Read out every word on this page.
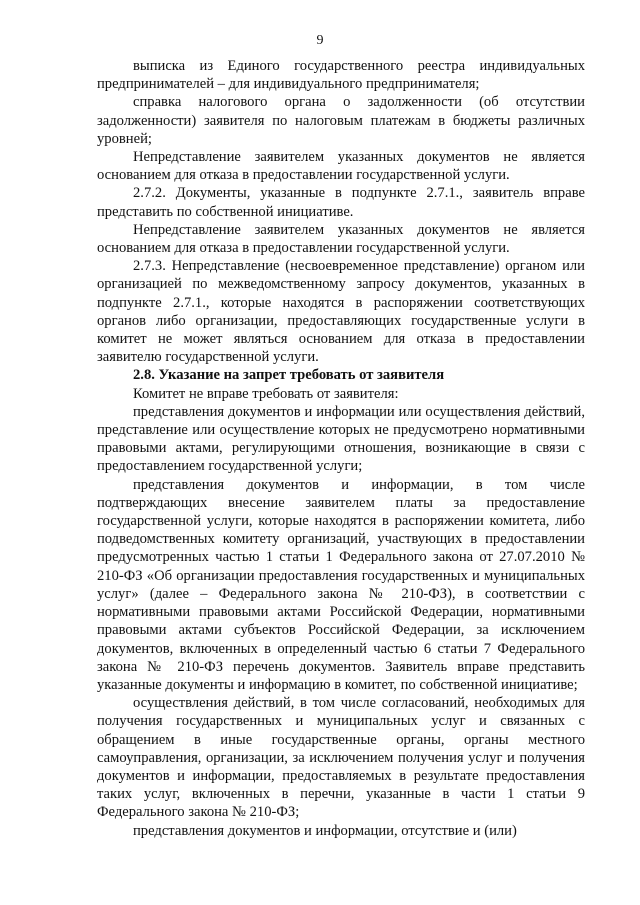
9

выписка из Единого государственного реестра индивидуальных предпринимателей – для индивидуального предпринимателя;

справка налогового органа о задолженности (об отсутствии задолженности) заявителя по налоговым платежам в бюджеты различных уровней;

Непредставление заявителем указанных документов не является основанием для отказа в предоставлении государственной услуги.

2.7.2. Документы, указанные в подпункте 2.7.1., заявитель вправе представить по собственной инициативе.

Непредставление заявителем указанных документов не является основанием для отказа в предоставлении государственной услуги.

2.7.3. Непредставление (несвоевременное представление) органом или организацией по межведомственному запросу документов, указанных в подпункте 2.7.1., которые находятся в распоряжении соответствующих органов либо организации, предоставляющих государственные услуги в комитет не может являться основанием для отказа в предоставлении заявителю государственной услуги.

2.8. Указание на запрет требовать от заявителя

Комитет не вправе требовать от заявителя:

представления документов и информации или осуществления действий, представление или осуществление которых не предусмотрено нормативными правовыми актами, регулирующими отношения, возникающие в связи с предоставлением государственной услуги;

представления документов и информации, в том числе подтверждающих внесение заявителем платы за предоставление государственной услуги, которые находятся в распоряжении комитета, либо подведомственных комитету организаций, участвующих в предоставлении предусмотренных частью 1 статьи 1 Федерального закона от 27.07.2010 № 210-ФЗ «Об организации предоставления государственных и муниципальных услуг» (далее – Федерального закона № 210-ФЗ), в соответствии с нормативными правовыми актами Российской Федерации, нормативными правовыми актами субъектов Российской Федерации, за исключением документов, включенных в определенный частью 6 статьи 7 Федерального закона № 210-ФЗ перечень документов. Заявитель вправе представить указанные документы и информацию в комитет, по собственной инициативе;

осуществления действий, в том числе согласований, необходимых для получения государственных и муниципальных услуг и связанных с обращением в иные государственные органы, органы местного самоуправления, организации, за исключением получения услуг и получения документов и информации, предоставляемых в результате предоставления таких услуг, включенных в перечни, указанные в части 1 статьи 9 Федерального закона № 210-ФЗ;

представления документов и информации, отсутствие и (или)
